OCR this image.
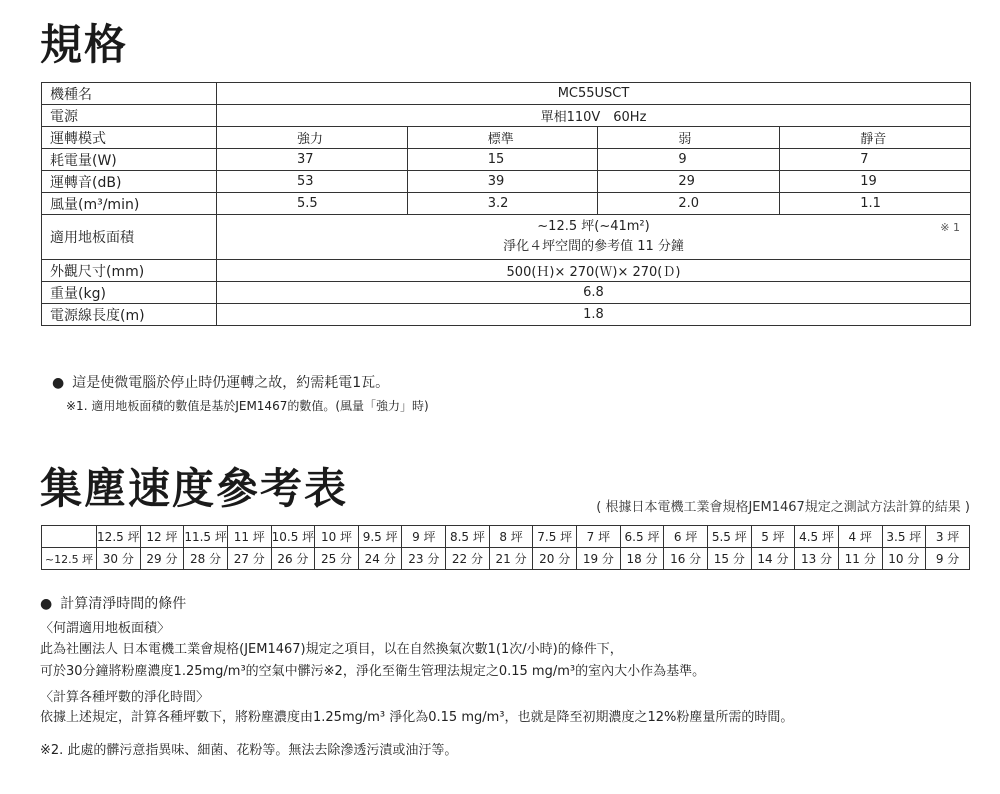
規格
機種名	MC55USCT			

電源	單相110V　60Hz			

運轉模式	強力	標準	弱	靜音

耗電量(W)	37	15	9	7

運轉音(dB)	53	39	29	19

風量(m³/min)	5.5	3.2	2.0	1.1

適用地板面積	~12.5 坪(~41m²)
淨化４坪空間的參考值 11 分鐘
※ 1			

外觀尺寸(mm)	500(Ｈ)× 270(Ｗ)× 270(Ｄ)			

重量(kg)	6.8			

電源線長度(m)	1.8			
● 這是使微電腦於停止時仍運轉之故，約需耗電1瓦。
※1. 適用地板面積的數值是基於JEM1467的數值。(風量「強力」時)
集塵速度參考表	( 根據日本電機工業會規格JEM1467規定之測試方法計算的結果 )
	12.5 坪	12 坪	11.5 坪	11 坪	10.5 坪	10 坪	9.5 坪	9 坪	8.5 坪	8 坪	7.5 坪	7 坪	6.5 坪	6 坪	5.5 坪	5 坪	4.5 坪	4 坪	3.5 坪	3 坪
~12.5 坪	30 分	29 分	28 分	27 分	26 分	25 分	24 分	23 分	22 分	21 分	20 分	19 分	18 分	16 分	15 分	14 分	13 分	11 分	10 分	9 分
● 計算清淨時間的條件
〈何謂適用地板面積〉
此為社團法人 日本電機工業會規格(JEM1467)規定之項目，以在自然換氣次數1(1次/小時)的條件下，
可於30分鐘將粉塵濃度1.25mg/m³的空氣中髒污※2，淨化至衛生管理法規定之0.15 mg/m³的室內大小作為基準。
〈計算各種坪數的淨化時間〉
依據上述規定，計算各種坪數下，將粉塵濃度由1.25mg/m³ 淨化為0.15 mg/m³，也就是降至初期濃度之12%粉塵量所需的時間。
※2. 此處的髒污意指異味、細菌、花粉等。無法去除滲透污漬或油汙等。
